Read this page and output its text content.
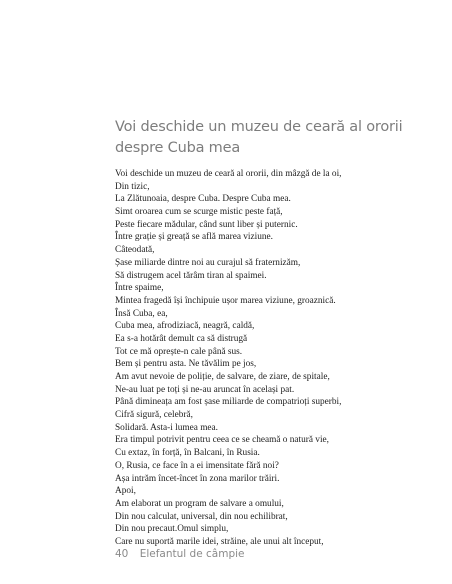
Voi deschide un muzeu de ceară al ororii
despre Cuba mea
Voi deschide un muzeu de ceară al ororii, din mâzgă de la oi,
Din tizic,
La Zlătunoaia, despre Cuba. Despre Cuba mea.
Simt oroarea cum se scurge mistic peste față,
Peste fiecare mădular, când sunt liber și puternic.
Între grație și greață se află marea viziune.
Câteodată,
Șase miliarde dintre noi au curajul să fraternizăm,
Să distrugem acel tărâm tiran al spaimei.
Între spaime,
Mintea fragedă își închipuie ușor marea viziune, groaznică.
Însă Cuba, ea,
Cuba mea, afrodiziacă, neagră, caldă,
Ea s-a hotărât demult ca să distrugă
Tot ce mă oprește-n cale până sus.
Bem și pentru asta. Ne tăvălim pe jos,
Am avut nevoie de poliție, de salvare, de ziare, de spitale,
Ne-au luat pe toți și ne-au aruncat în același pat.
Până dimineața am fost șase miliarde de compatrioți superbi,
Cifră sigură, celebră,
Solidară. Asta-i lumea mea.
Era timpul potrivit pentru ceea ce se cheamă o natură vie,
Cu extaz, în forță, în Balcani, în Rusia.
O, Rusia, ce face în a ei imensitate fără noi?
Așa intrăm încet-încet în zona marilor trăiri.
Apoi,
Am elaborat un program de salvare a omului,
Din nou calculat, universal, din nou echilibrat,
Din nou precaut.Omul simplu,
Care nu suportă marile idei, străine, ale unui alt început,
40 Elefantul de câmpie
